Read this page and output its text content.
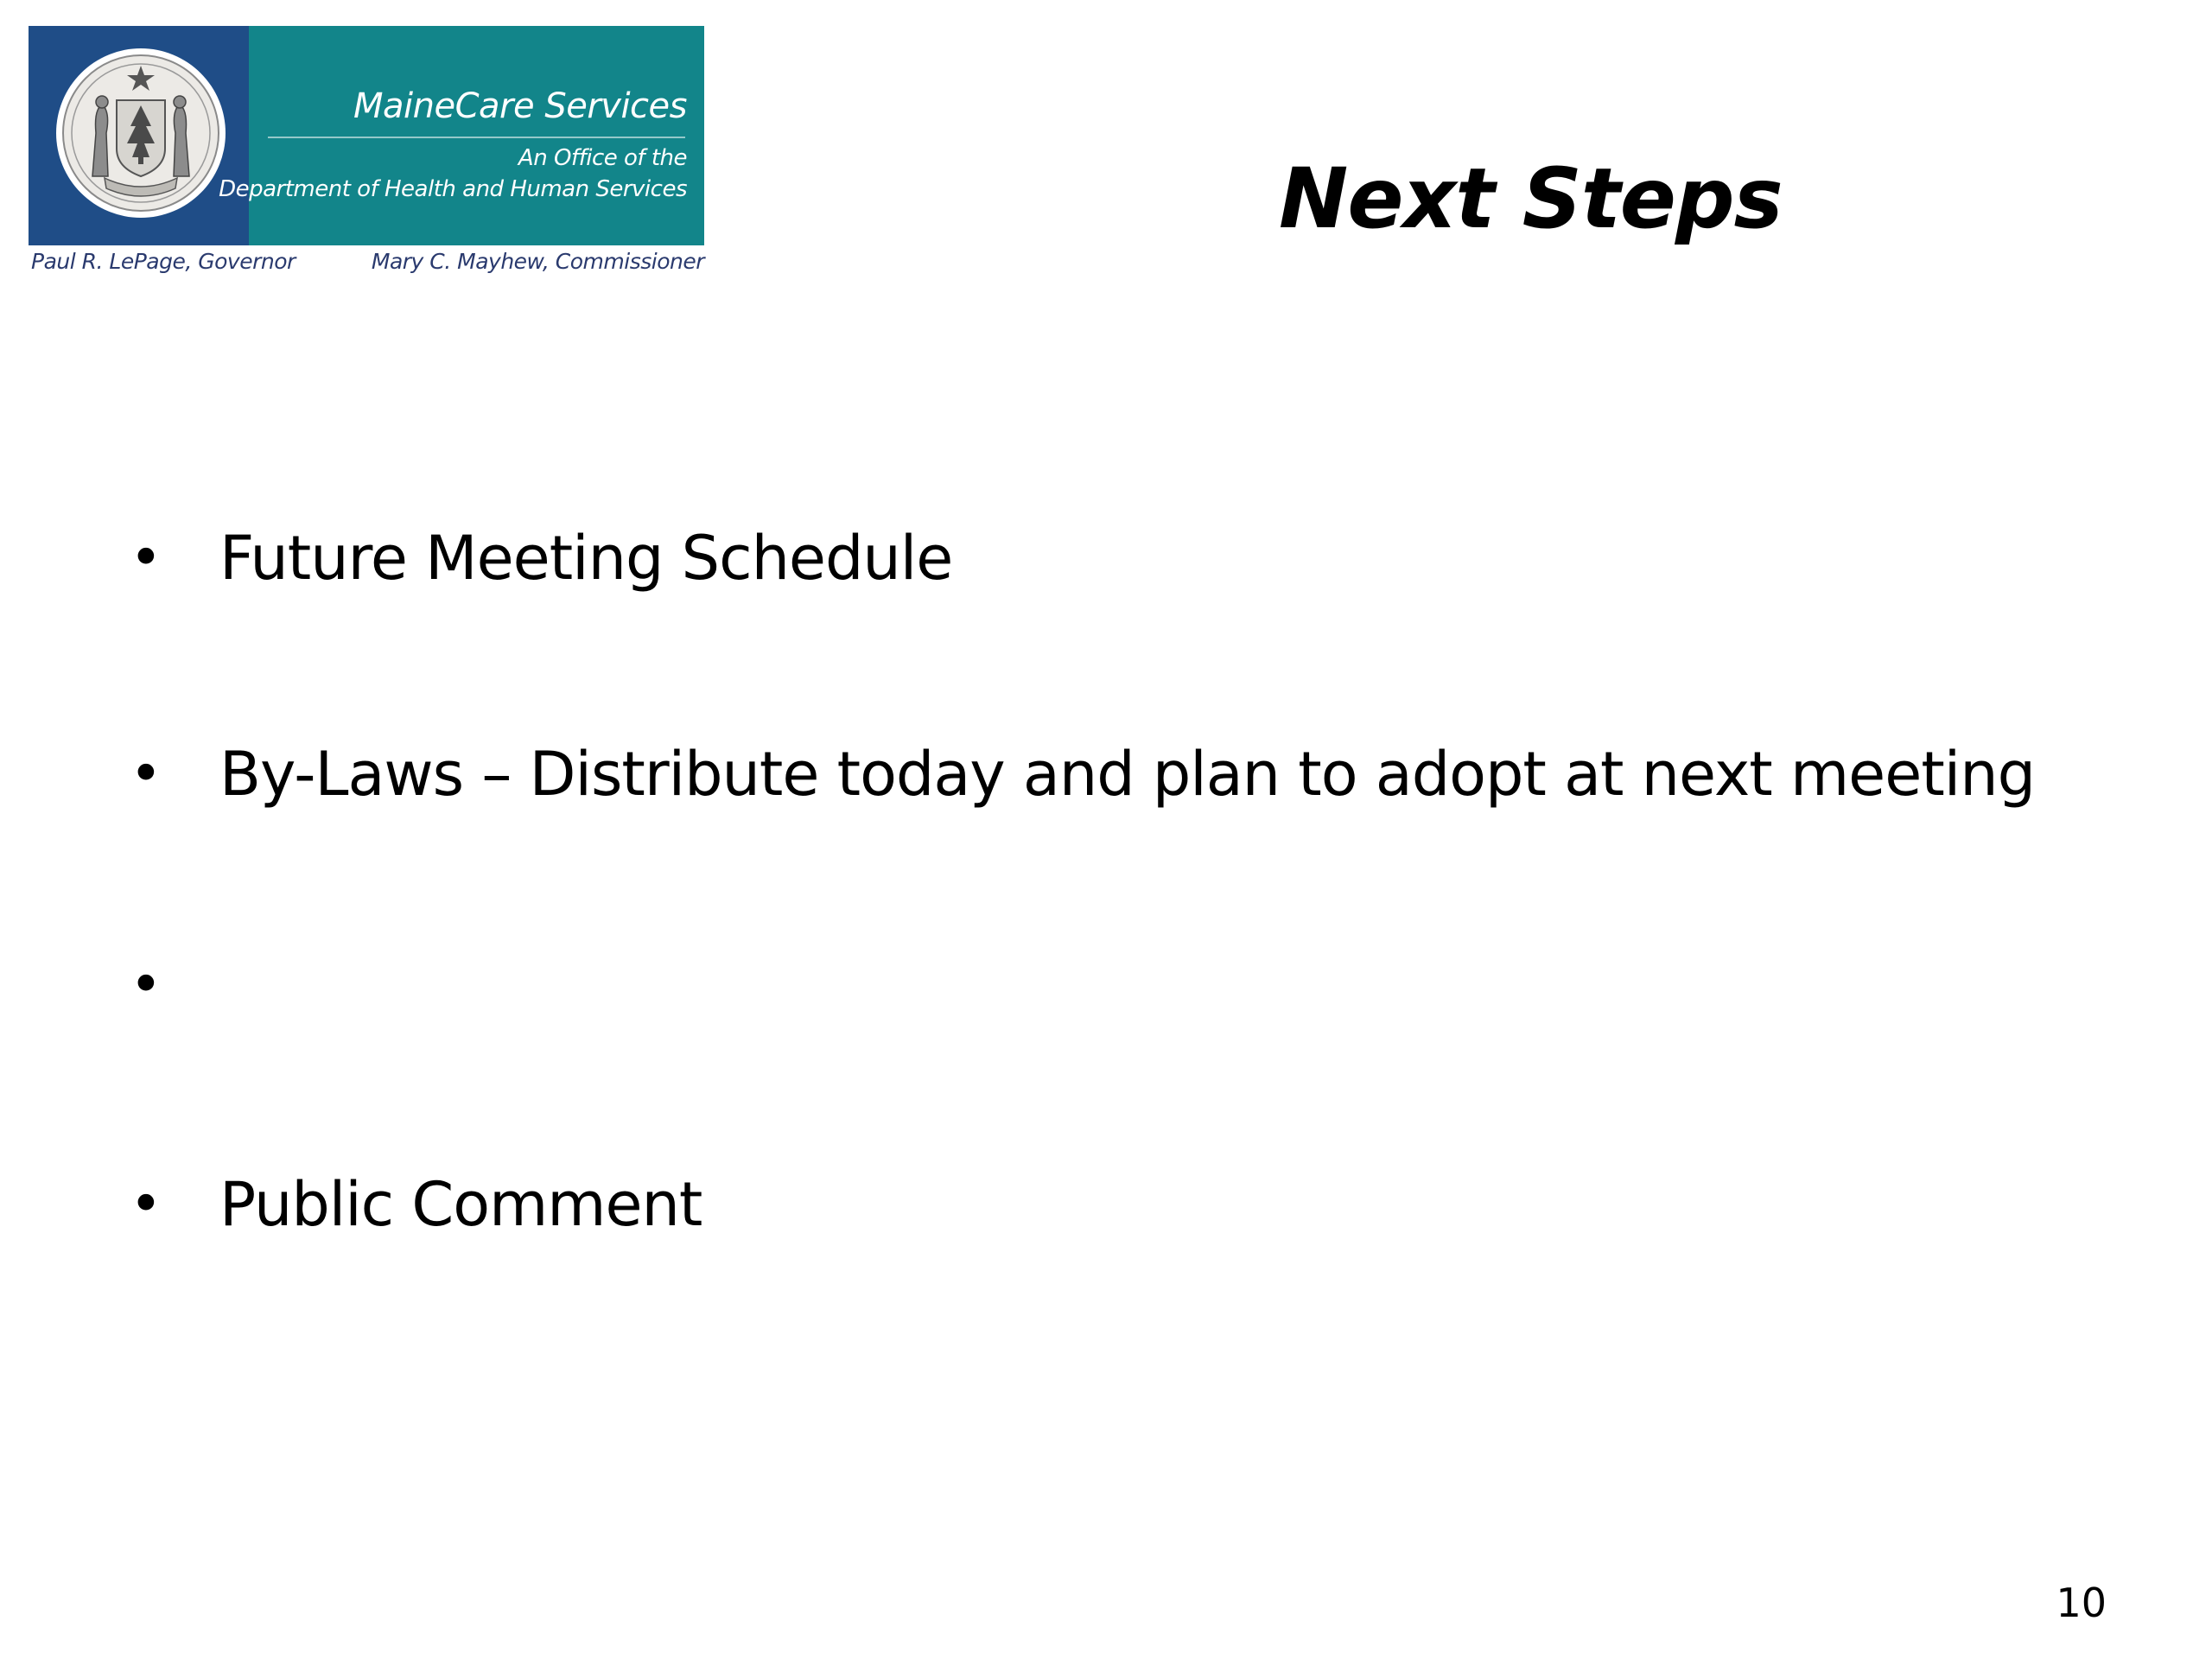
MaineCare Services
An Office of the
Department of Health and Human Services
Paul R. LePage, Governor	Mary C. Mayhew, Commissioner
Next Steps
• Future Meeting Schedule
• By-Laws – Distribute today and plan to adopt at next meeting
•
• Public Comment
10
